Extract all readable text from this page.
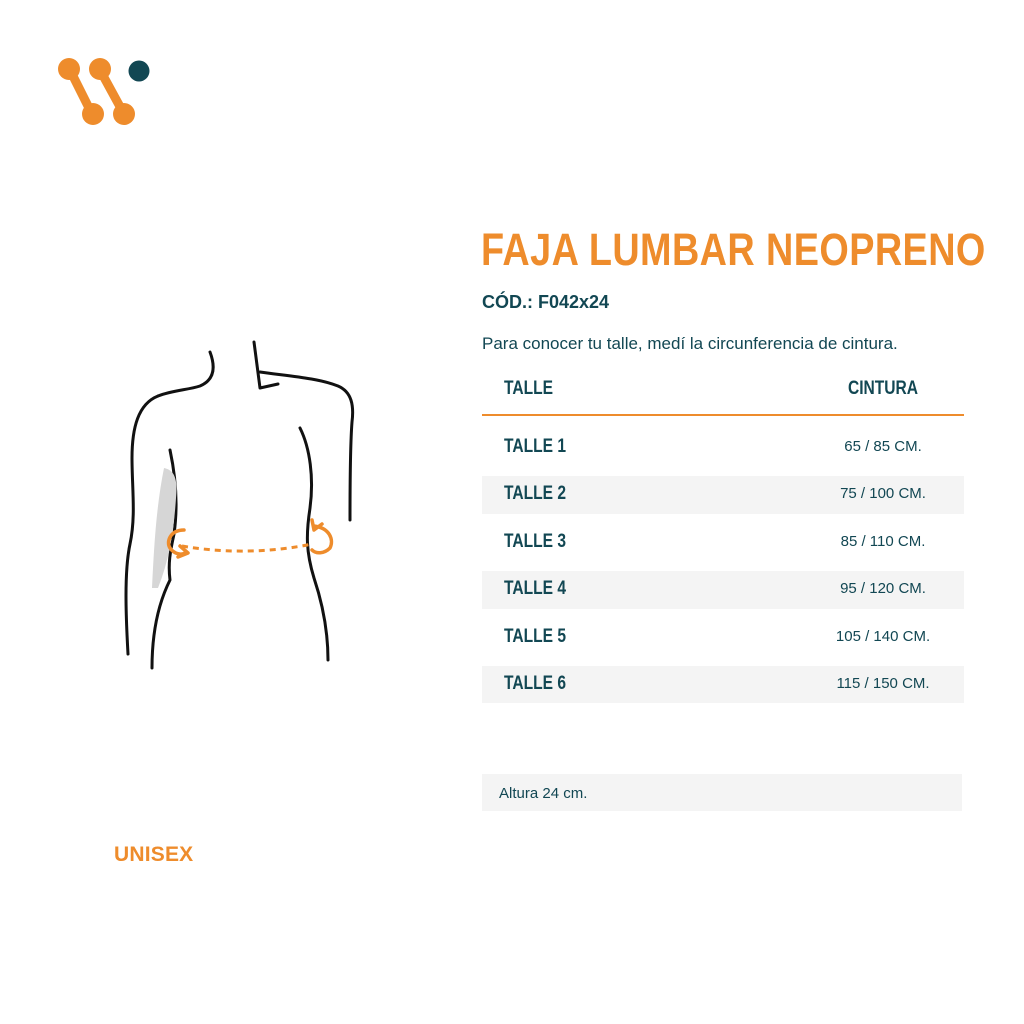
UNISEX
FAJA LUMBAR NEOPRENO
CÓD.: F042x24
Para conocer tu talle, medí la circunferencia de cintura.
TALLE	CINTURA
TALLE 1	65 / 85 CM.
TALLE 2	75 / 100 CM.
TALLE 3	85 / 110 CM.
TALLE 4	95 / 120 CM.
TALLE 5	105 / 140 CM.
TALLE 6	115 / 150 CM.
Altura 24 cm.
